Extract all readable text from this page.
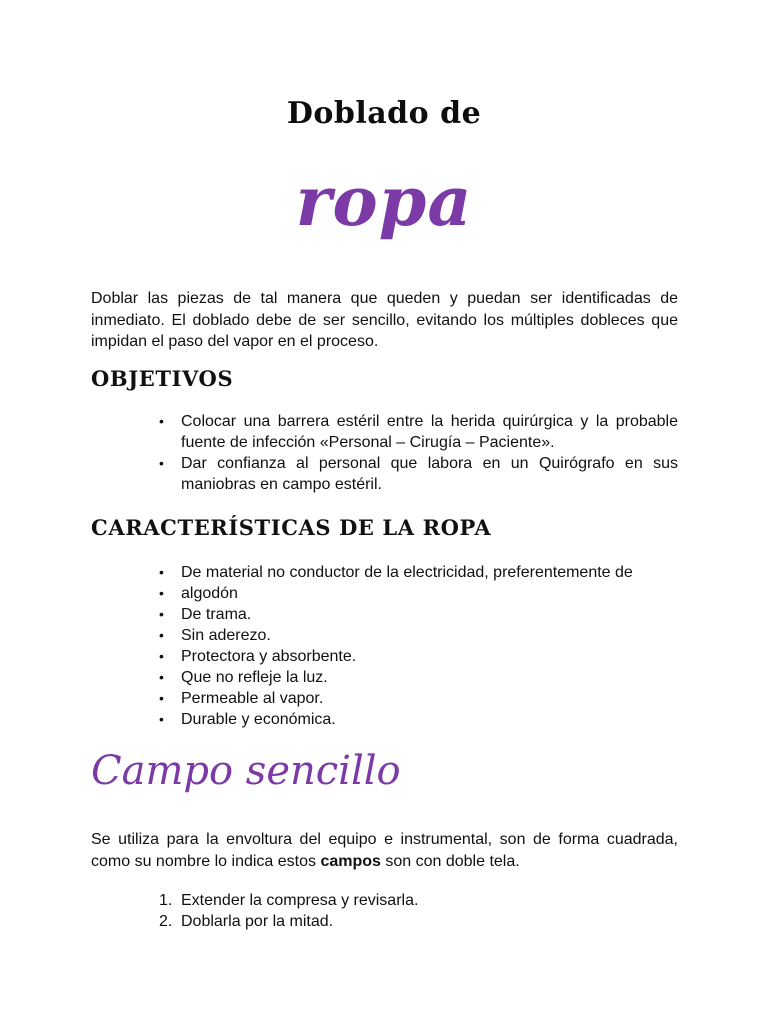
Doblado de
ropa

Doblar las piezas de tal manera que queden y puedan ser identificadas de inmediato. El doblado debe de ser sencillo, evitando los múltiples dobleces que impidan el paso del vapor en el proceso.

OBJETIVOS
• Colocar una barrera estéril entre la herida quirúrgica y la probable fuente de infección «Personal – Cirugía – Paciente».
• Dar confianza al personal que labora en un Quirógrafo en sus maniobras en campo estéril.
CARACTERÍSTICAS DE LA ROPA
• De material no conductor de la electricidad, preferentemente de
• algodón
• De trama.
• Sin aderezo.
• Protectora y absorbente.
• Que no refleje la luz.
• Permeable al vapor.
• Durable y económica.
Campo sencillo

Se utiliza para la envoltura del equipo e instrumental, son de forma cuadrada, como su nombre lo indica estos campos son con doble tela.

1. Extender la compresa y revisarla.
2. Doblarla por la mitad.
